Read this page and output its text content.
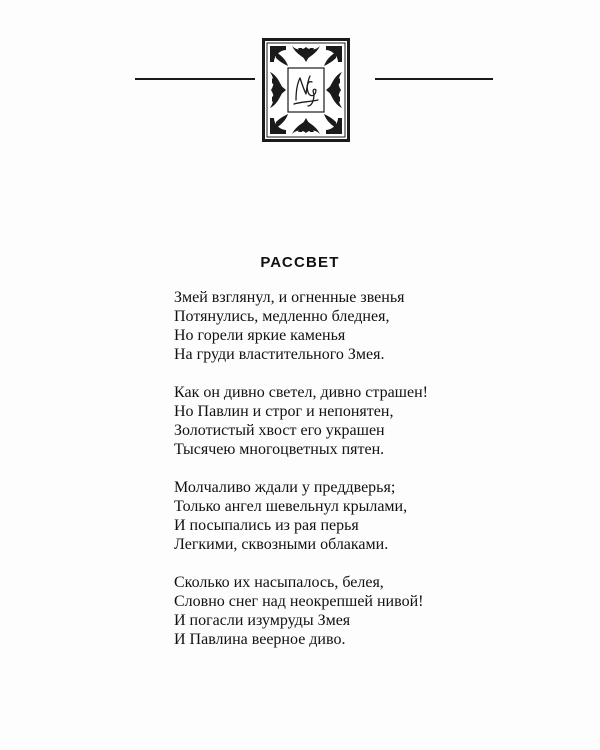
РАССВЕТ
Змей взглянул, и огненные звенья
Потянулись, медленно бледнея,
Но горели яркие каменья
На груди властительного Змея.
Как он дивно светел, дивно страшен!
Но Павлин и строг и непонятен,
Золотистый хвост его украшен
Тысячею многоцветных пятен.
Молчаливо ждали у преддверья;
Только ангел шевельнул крылами,
И посыпались из рая перья
Легкими, сквозными облаками.
Сколько их насыпалось, белея,
Словно снег над неокрепшей нивой!
И погасли изумруды Змея
И Павлина веерное диво.
